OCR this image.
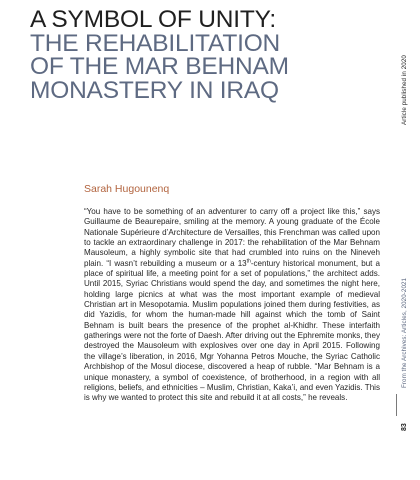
A SYMBOL OF UNITY:
THE REHABILITATION
OF THE MAR BEHNAM
MONASTERY IN IRAQ

Sarah Hugounenq

“You have to be something of an adventurer to carry off a project like this,” says Guillaume de Beaurepaire, smiling at the memory. A young graduate of the École Nationale Supérieure d’Architecture de Versailles, this Frenchman was called upon to tackle an extraordinary challenge in 2017: the rehabilitation of the Mar Behnam Mausoleum, a highly symbolic site that had crumbled into ruins on the Nineveh plain. “I wasn’t rebuilding a museum or a 13th-century historical monument, but a place of spiritual life, a meeting point for a set of populations,” the architect adds. Until 2015, Syriac Christians would spend the day, and sometimes the night here, holding large picnics at what was the most important example of medieval Christian art in Mesopotamia. Muslim populations joined them during festivities, as did Yazidis, for whom the human-made hill against which the tomb of Saint Behnam is built bears the presence of the prophet al-Khidhr. These interfaith gatherings were not the forte of Daesh. After driving out the Ephremite monks, they destroyed the Mausoleum with explosives over one day in April 2015. Following the village’s liberation, in 2016, Mgr Yohanna Petros Mouche, the Syriac Catholic Archbishop of the Mosul diocese, discovered a heap of rubble. “Mar Behnam is a unique monastery, a symbol of coexistence, of brotherhood, in a region with all religions, beliefs, and ethnicities – Muslim, Christian, Kaka’i, and even Yazidis. This is why we wanted to protect this site and rebuild it at all costs,” he reveals.

Article published in 2020
From the Archives: Articles, 2020-2021
83
